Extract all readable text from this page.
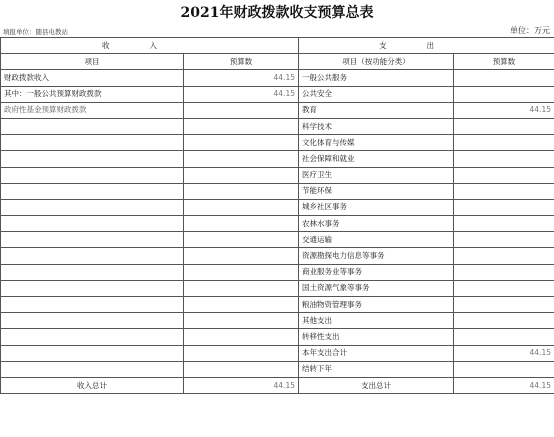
2021年财政拨款收支预算总表
填报单位：随县电教站	单位：万元
收入		支出	
项目	预算数	项目（按功能分类）	预算数
财政拨款收入	44.15	一般公共服务	
其中：一般公共预算财政拨款	44.15	公共安全	
政府性基金预算财政拨款		教育	44.15
		科学技术	
		文化体育与传媒	
		社会保障和就业	
		医疗卫生	
		节能环保	
		城乡社区事务	
		农林水事务	
		交通运输	
		资源勘探电力信息等事务	
		商业服务业等事务	
		国土资源气象等事务	
		粮油物资管理事务	
		其他支出	
		转移性支出	
		本年支出合计	44.15
		结转下年	
收入总计	44.15	支出总计	44.15
